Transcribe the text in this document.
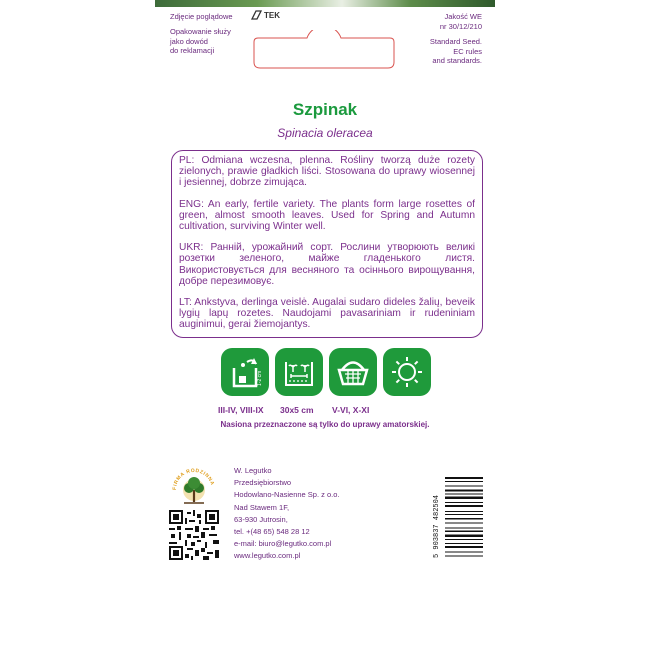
Zdjęcie poglądowe	TEK
Opakowanie służy
jako dowód
do reklamacji
Jakość WE
nr 30/12/210
Standard Seed.
EC rules
and standards.
Szpinak
Spinacia oleracea

PL: Odmiana wczesna, plenna. Rośliny tworzą duże rozety zielonych, prawie gładkich liści. Stosowana do uprawy wiosennej i jesiennej, dobrze zimująca.

ENG: An early, fertile variety. The plants form large rosettes of green, almost smooth leaves. Used for Spring and Autumn cultivation, surviving Winter well.

UKR: Ранній, урожайний сорт. Рослини утворюють великі розетки зеленого, майже гладенького листя. Використовується для весняного та осіннього вирощування, добре перезимовує.

LT: Ankstyva, derlinga veislė. Augalai sudaro dideles žalių, beveik lygių lapų rozetes. Naudojami pavasariniam ir rudeniniam auginimui, gerai žiemojantys.

1-2 cm
III-IV, VIII-IX 30x5 cm V-VI, X-XI
Nasiona przeznaczone są tylko do uprawy amatorskiej.
FIRMA RODZINNA
W. Legutko
Przedsiębiorstwo
Hodowlano-Nasienne Sp. z o.o.
Nad Stawem 1F,
63-930 Jutrosin,
tel. +(48 65) 548 28 12
e-mail: biuro@legutko.com.pl
www.legutko.com.pl	5 903837 482504
